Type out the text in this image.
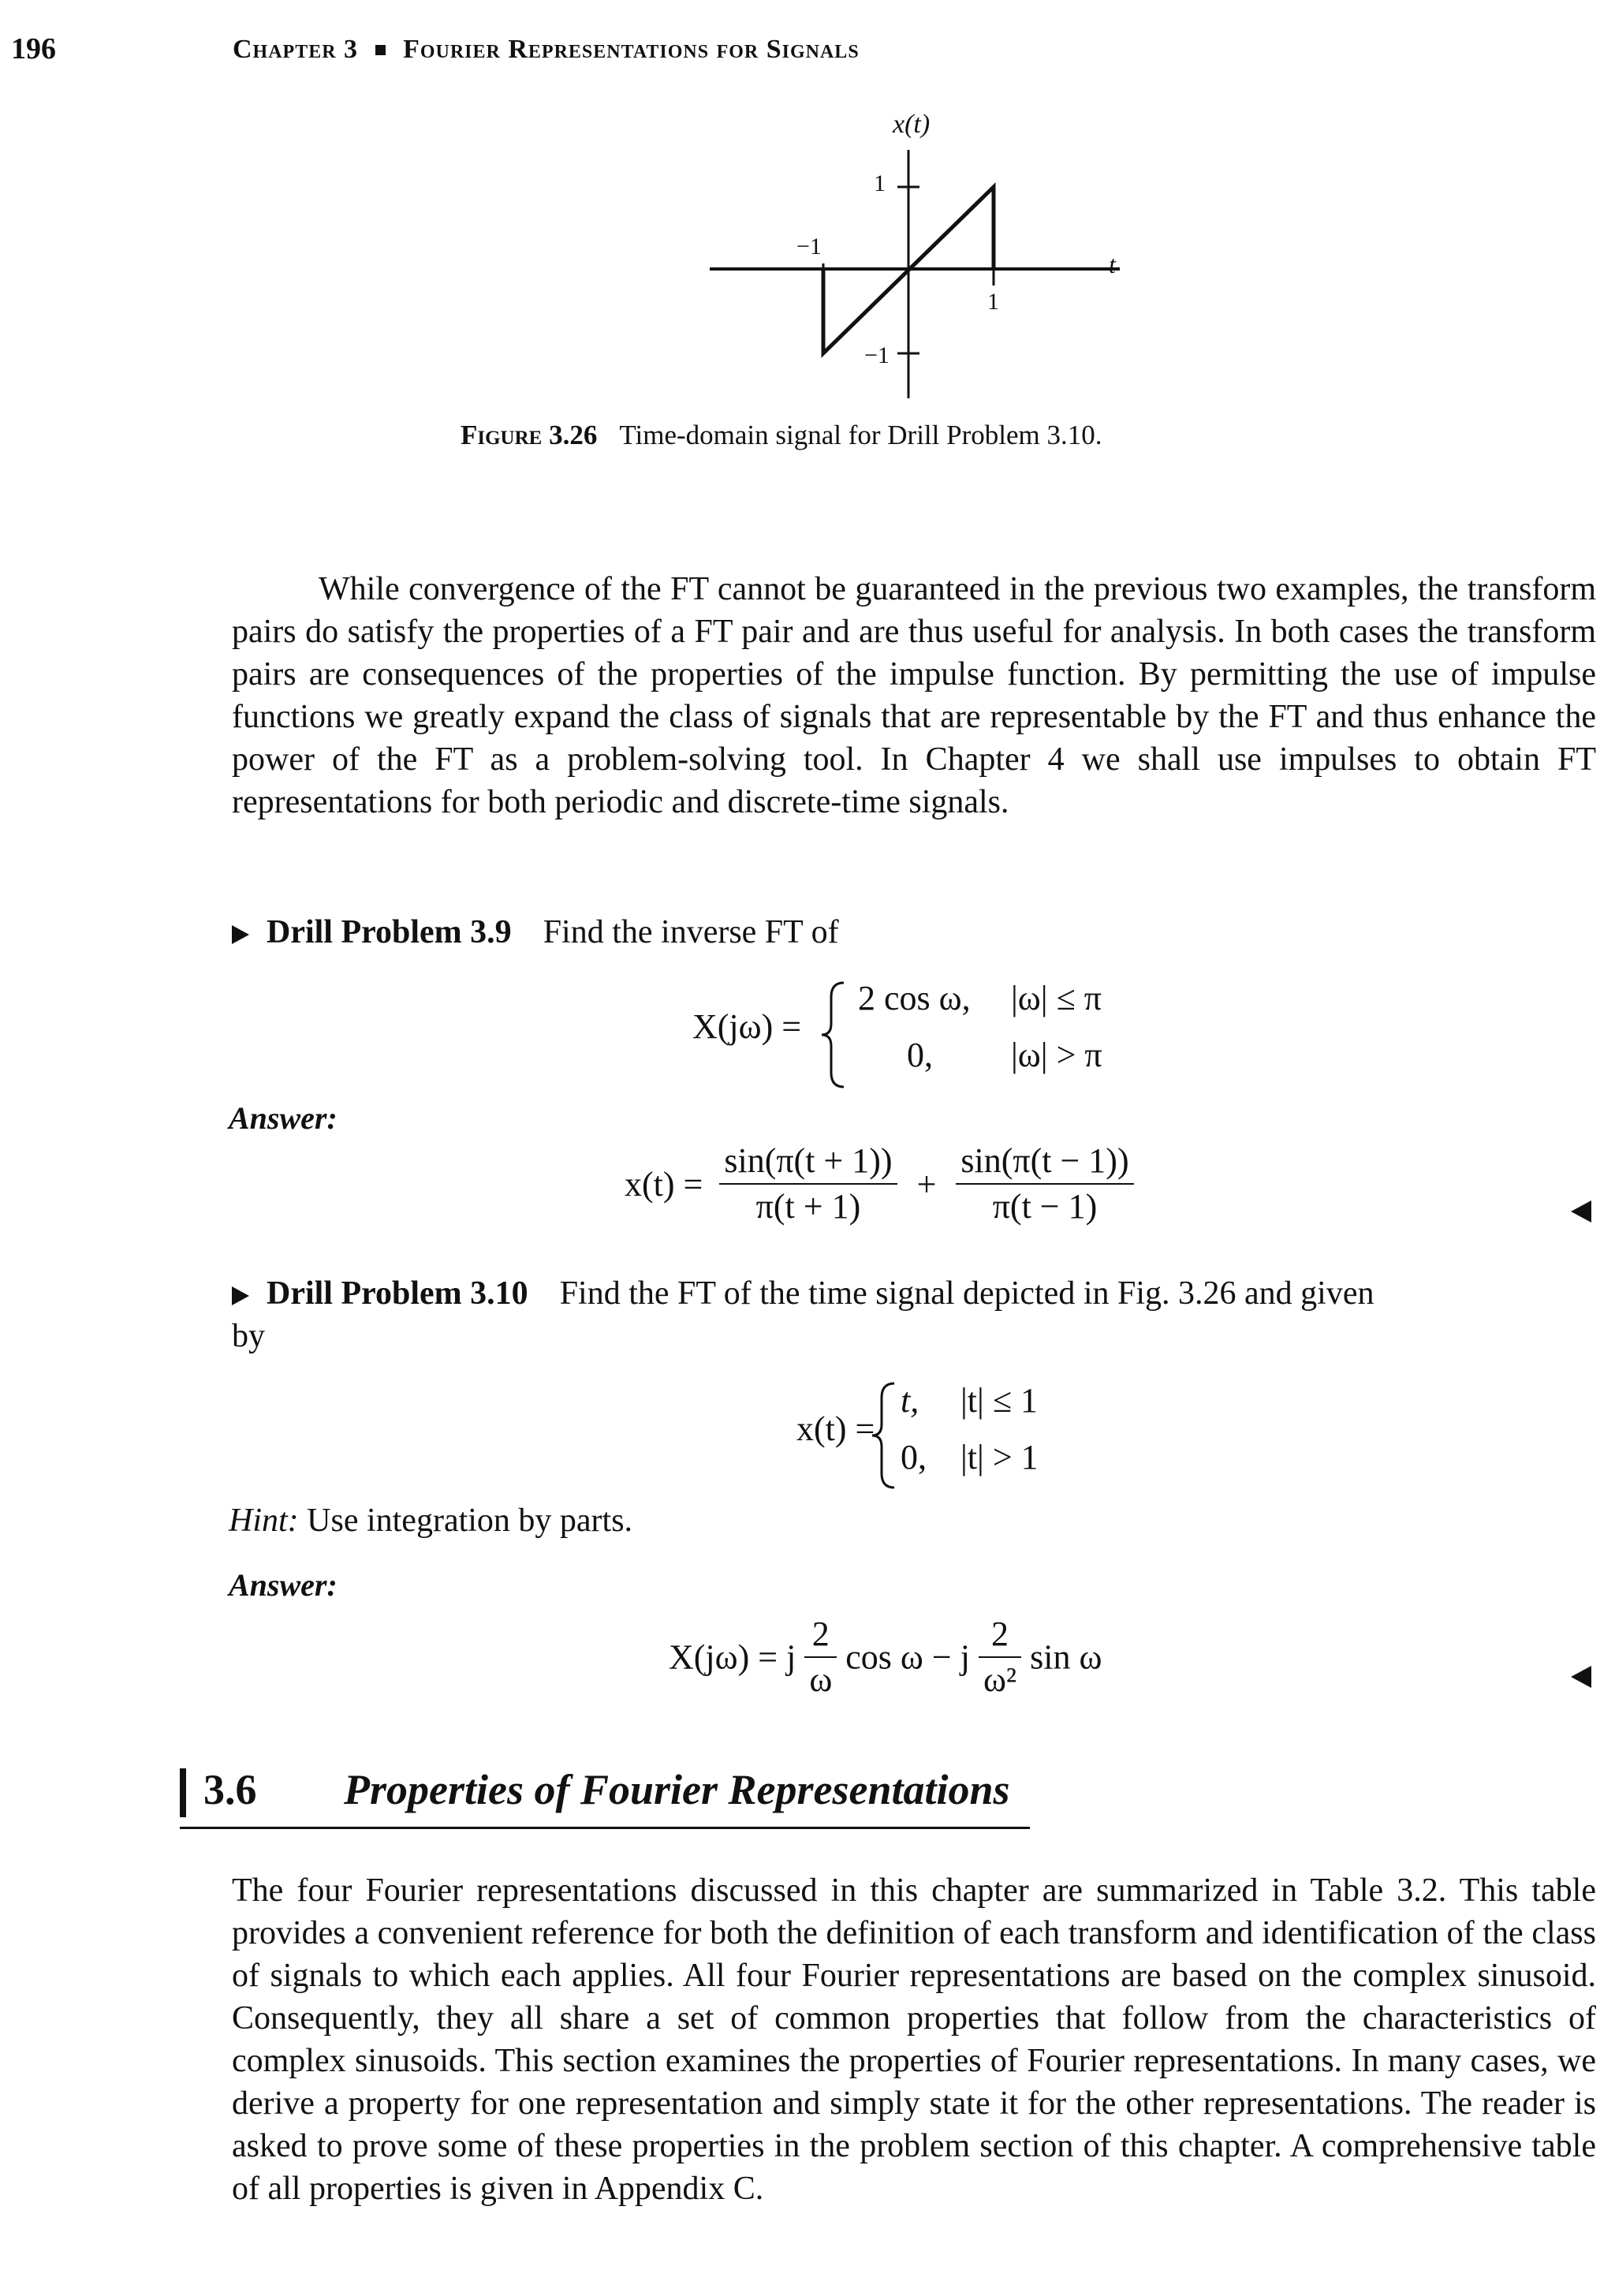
196	Chapter 3 Fourier Representations for Signals
x(t)
t
1
−1
−1
1
Figure 3.26 Time-domain signal for Drill Problem 3.10.

While convergence of the FT cannot be guaranteed in the previous two examples, the transform pairs do satisfy the properties of a FT pair and are thus useful for analysis. In both cases the transform pairs are consequences of the properties of the impulse function. By permitting the use of impulse functions we greatly expand the class of signals that are representable by the FT and thus enhance the power of the FT as a problem-solving tool. In Chapter 4 we shall use impulses to obtain FT representations for both periodic and discrete-time signals.

Drill Problem 3.9 Find the inverse FT of
X(jω) =
2 cos ω, |ω| ≤ π
0, |ω| > π
Answer:
$x(t) = \frac{\sin(\pi(t + 1))}{\pi(t + 1)} + \frac{\sin(\pi(t - 1))}{\pi(t - 1)}$
Drill Problem 3.10 Find the FT of the time signal depicted in Fig. 3.26 and given
by
x(t) =
t, |t| ≤ 1
0, |t| > 1
Hint: Use integration by parts.
Answer:
X(jω) = j $\frac{2}{\omega}$ cos ω − j $\frac{2}{\text{ω²}}$ sin ω
3.6 Properties of Fourier Representations

The four Fourier representations discussed in this chapter are summarized in Table 3.2. This table provides a convenient reference for both the definition of each transform and identification of the class of signals to which each applies. All four Fourier representations are based on the complex sinusoid. Consequently, they all share a set of common properties that follow from the characteristics of complex sinusoids. This section examines the properties of Fourier representations. In many cases, we derive a property for one representation and simply state it for the other representations. The reader is asked to prove some of these properties in the problem section of this chapter. A comprehensive table of all properties is given in Appendix C.
